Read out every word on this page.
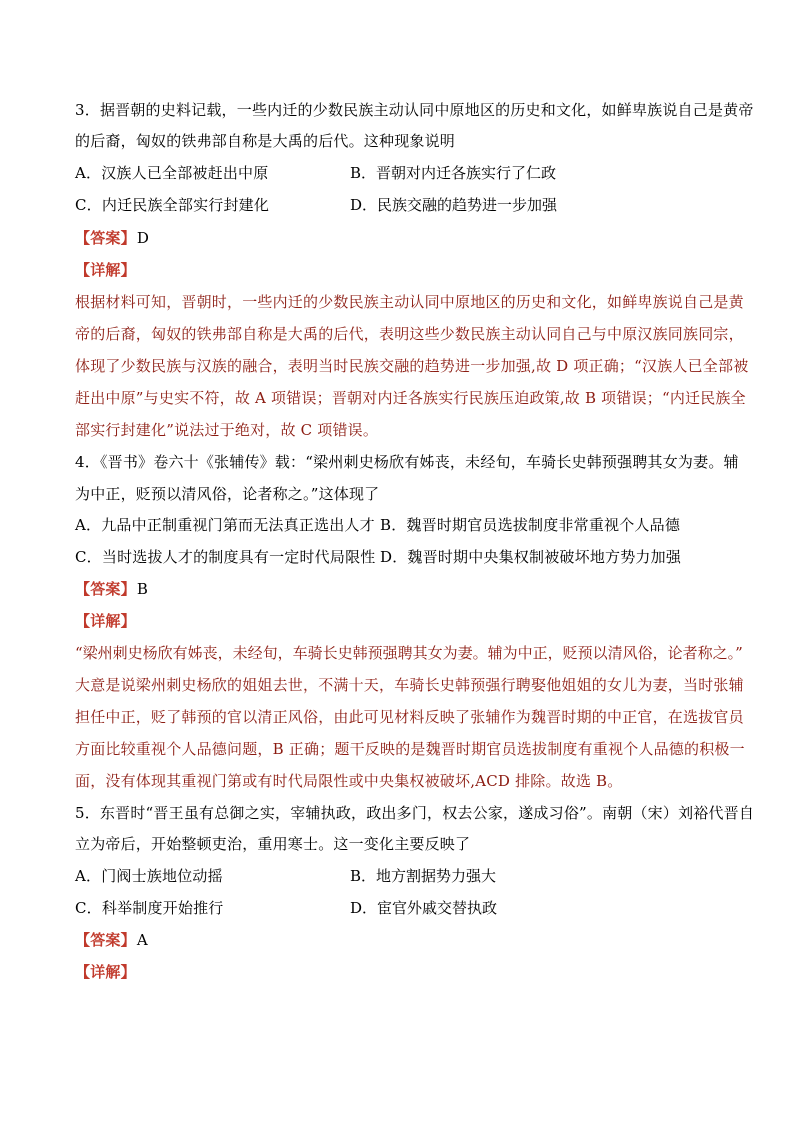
3．据晋朝的史料记载，一些内迁的少数民族主动认同中原地区的历史和文化，如鲜卑族说自己是黄帝
的后裔，匈奴的铁弗部自称是大禹的后代。这种现象说明
A．汉族人已全部被赶出中原	B．晋朝对内迁各族实行了仁政
C．内迁民族全部实行封建化	D．民族交融的趋势进一步加强
【答案】D
【详解】
根据材料可知，晋朝时，一些内迁的少数民族主动认同中原地区的历史和文化，如鲜卑族说自己是黄
帝的后裔，匈奴的铁弗部自称是大禹的后代，表明这些少数民族主动认同自己与中原汉族同族同宗，
体现了少数民族与汉族的融合，表明当时民族交融的趋势进一步加强,故 D 项正确；“汉族人已全部被
赶出中原”与史实不符，故 A 项错误；晋朝对内迁各族实行民族压迫政策,故 B 项错误；“内迁民族全
部实行封建化”说法过于绝对，故 C 项错误。
4．《晋书》卷六十《张辅传》载：“梁州刺史杨欣有姊丧，未经旬，车骑长史韩预强聘其女为妻。辅
为中正，贬预以清风俗，论者称之。”这体现了
A．九品中正制重视门第而无法真正选出人才 B．魏晋时期官员选拔制度非常重视个人品德
C．当时选拔人才的制度具有一定时代局限性 D．魏晋时期中央集权制被破坏地方势力加强
【答案】B
【详解】
“梁州刺史杨欣有姊丧，未经旬，车骑长史韩预强聘其女为妻。辅为中正，贬预以清风俗，论者称之。”
大意是说梁州刺史杨欣的姐姐去世，不满十天，车骑长史韩预强行聘娶他姐姐的女儿为妻，当时张辅
担任中正，贬了韩预的官以清正风俗，由此可见材料反映了张辅作为魏晋时期的中正官，在选拔官员
方面比较重视个人品德问题，B 正确；题干反映的是魏晋时期官员选拔制度有重视个人品德的积极一
面，没有体现其重视门第或有时代局限性或中央集权被破坏,ACD 排除。故选 B。
5．东晋时“晋王虽有总御之实，宰辅执政，政出多门，权去公家，遂成习俗”。南朝（宋）刘裕代晋自
立为帝后，开始整顿吏治，重用寒士。这一变化主要反映了
A．门阀士族地位动摇	B．地方割据势力强大
C．科举制度开始推行	D．宦官外戚交替执政
【答案】A
【详解】
